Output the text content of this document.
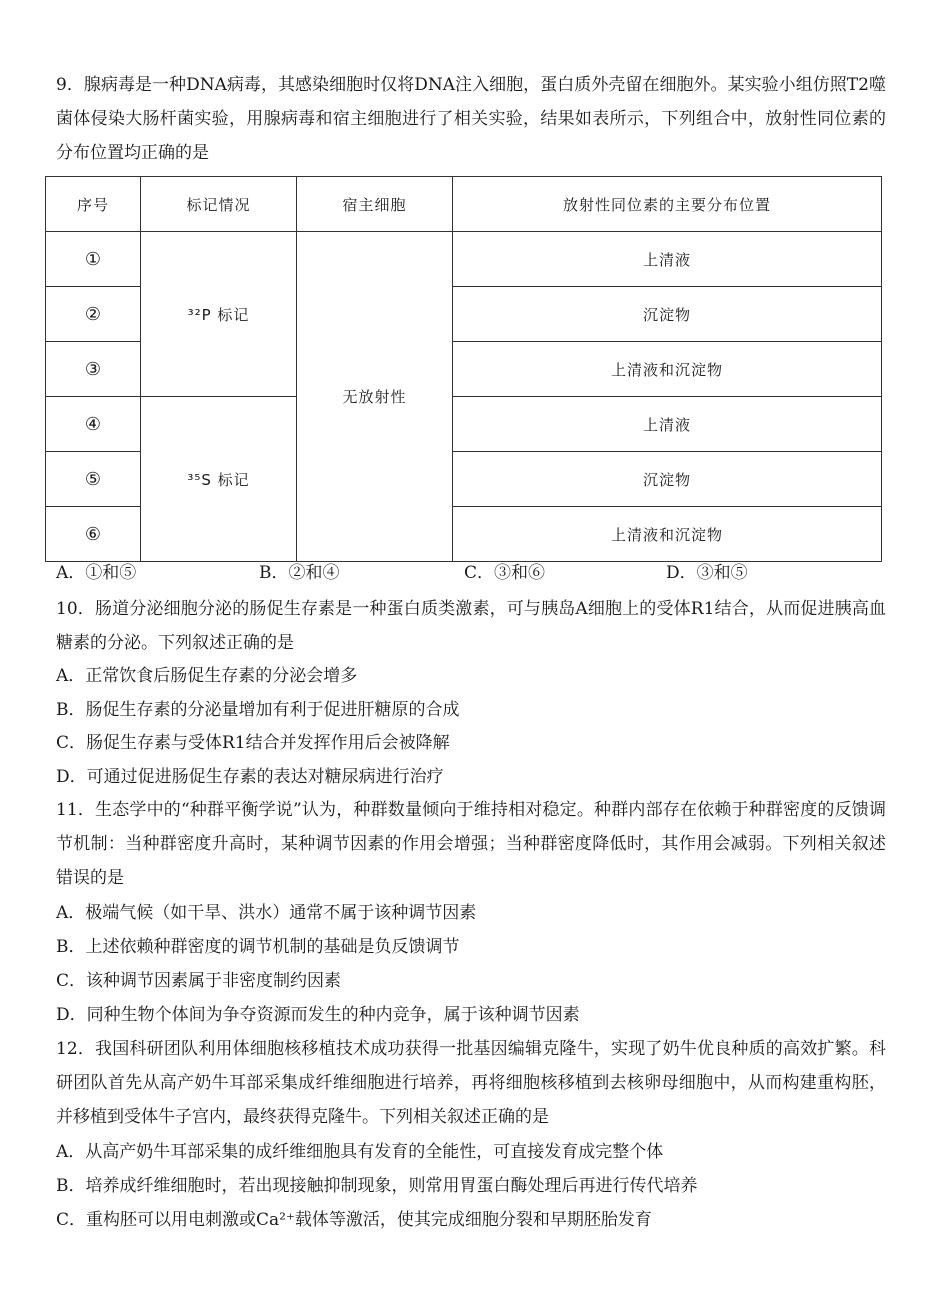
9．腺病毒是一种DNA病毒，其感染细胞时仅将DNA注入细胞，蛋白质外壳留在细胞外。某实验小组仿照T2噬菌体侵染大肠杆菌实验，用腺病毒和宿主细胞进行了相关实验，结果如表所示，下列组合中，放射性同位素的分布位置均正确的是
序号	标记情况	宿主细胞	放射性同位素的主要分布位置
①	³²P 标记	无放射性	上清液
②			沉淀物
③			上清液和沉淀物
④	³⁵S 标记		上清液
⑤			沉淀物
⑥			上清液和沉淀物
A．①和⑤	B．②和④	C．③和⑥	D．③和⑤
10．肠道分泌细胞分泌的肠促生存素是一种蛋白质类激素，可与胰岛A细胞上的受体R1结合，从而促进胰高血糖素的分泌。下列叙述正确的是
A．正常饮食后肠促生存素的分泌会增多
B．肠促生存素的分泌量增加有利于促进肝糖原的合成
C．肠促生存素与受体R1结合并发挥作用后会被降解
D．可通过促进肠促生存素的表达对糖尿病进行治疗
11．生态学中的“种群平衡学说”认为，种群数量倾向于维持相对稳定。种群内部存在依赖于种群密度的反馈调节机制：当种群密度升高时，某种调节因素的作用会增强；当种群密度降低时，其作用会减弱。下列相关叙述错误的是
A．极端气候（如干旱、洪水）通常不属于该种调节因素
B．上述依赖种群密度的调节机制的基础是负反馈调节
C．该种调节因素属于非密度制约因素
D．同种生物个体间为争夺资源而发生的种内竞争，属于该种调节因素
12．我国科研团队利用体细胞核移植技术成功获得一批基因编辑克隆牛，实现了奶牛优良种质的高效扩繁。科研团队首先从高产奶牛耳部采集成纤维细胞进行培养，再将细胞核移植到去核卵母细胞中，从而构建重构胚，并移植到受体牛子宫内，最终获得克隆牛。下列相关叙述正确的是
A．从高产奶牛耳部采集的成纤维细胞具有发育的全能性，可直接发育成完整个体
B．培养成纤维细胞时，若出现接触抑制现象，则常用胃蛋白酶处理后再进行传代培养
C．重构胚可以用电刺激或Ca²⁺载体等激活，使其完成细胞分裂和早期胚胎发育
